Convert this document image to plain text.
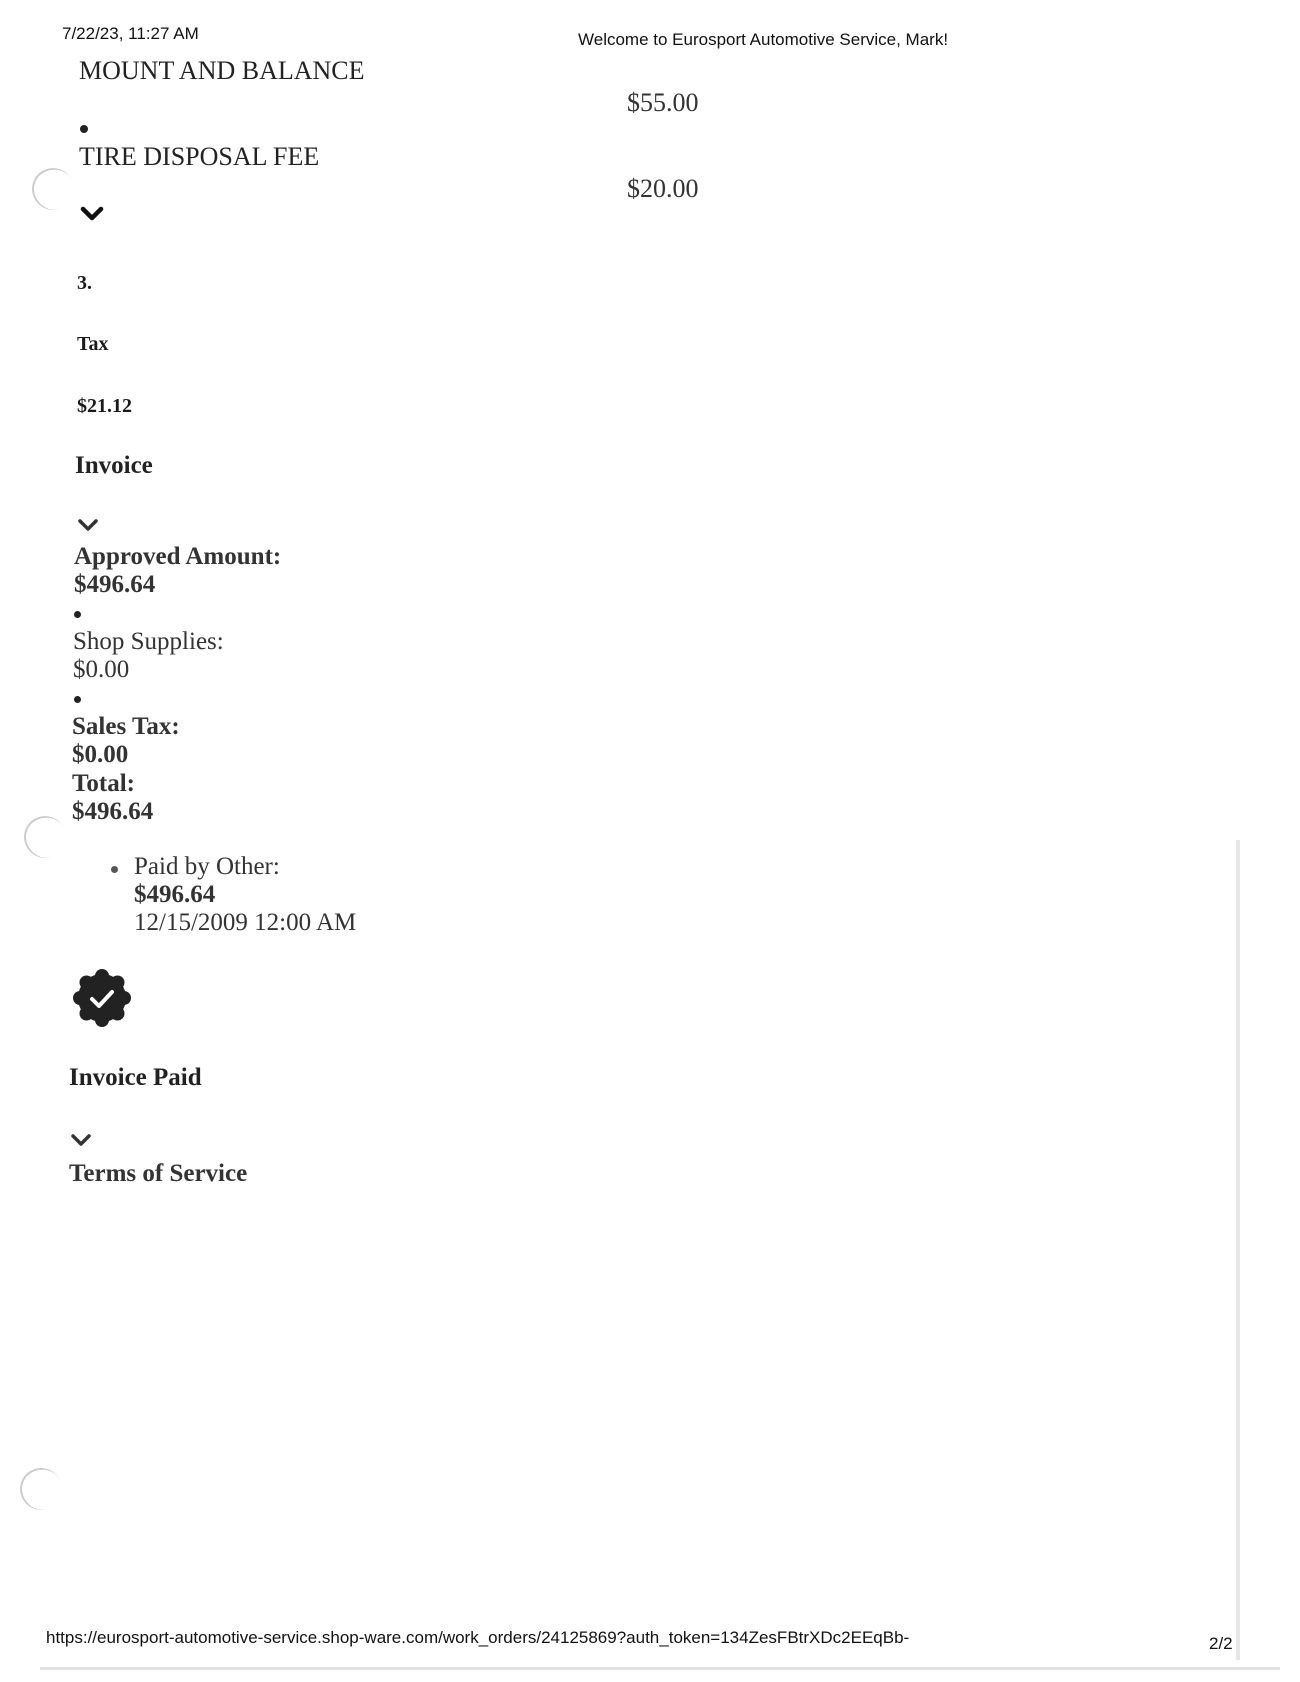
7/22/23, 11:27 AM	Welcome to Eurosport Automotive Service, Mark!
MOUNT AND BALANCE
$55.00
TIRE DISPOSAL FEE
$20.00
3.
Tax
$21.12
Invoice
Approved Amount:
$496.64
Shop Supplies:
$0.00
Sales Tax:
$0.00
Total:
$496.64
Paid by Other:
$496.64
12/15/2009 12:00 AM
Invoice Paid
Terms of Service
https://eurosport-automotive-service.shop-ware.com/work_orders/24125869?auth_token=134ZesFBtrXDc2EEqBb-	2/2
